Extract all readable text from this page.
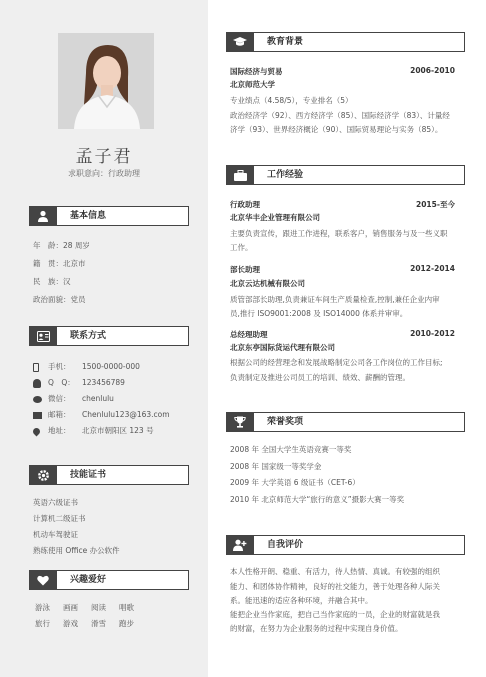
孟子君
求职意向：行政助理
基本信息
年　龄：28 周岁
籍　贯：北京市
民　族：汉
政治面貌：党员
联系方式
手机： 1500-0000-000
Q　Q： 123456789
微信： chenlulu
邮箱： Chenlulu123@163.com
地址： 北京市朝阳区 123 号
技能证书
英语六级证书
计算机二级证书
机动车驾驶证
熟练使用 Office 办公软件
兴趣爱好
游泳 画画 阅读 唱歌
旅行 游戏 滑雪 跑步
教育背景
国际经济与贸易	2006-2010
北京师范大学
专业绩点（4.58/5），专业排名（5）
政治经济学（92）、西方经济学（85）、国际经济学（83）、计量经
济学（93）、世界经济概论（90）、国际贸易理论与实务（85）。
工作经验
行政助理	2015-至今
北京华丰企业管理有限公司
主要负责宣传，跟进工作进程，联系客户，销售服务与及一些义职
工作。
部长助理	2012-2014
北京云达机械有限公司
质管部部长助理,负责兼证车间生产质量检查,控制,兼任企业内审
员,推行 ISO9001:2008 及 ISO14000 体系并审审。
总经理助理	2010-2012
北京东亭国际货运代理有限公司
根据公司的经营理念和发展战略制定公司各工作岗位的工作目标;
负责制定及推进公司员工的培训、绩效、薪酬的管理。
荣誉奖项
2008 年 全国大学生英语竞赛一等奖
2008 年 国家级一等奖学金
2009 年 大学英语 6 级证书（CET-6）
2010 年 北京师范大学“旅行的意义”摄影大赛一等奖
自我评价
本人性格开朗、稳重、有活力，待人热情、真诚。有较强的组织
能力、和团体协作精神，良好的社交能力，善于处理各种人际关
系。能迅速的适应各种环境，并融合其中。
能把企业当作家庭，把自己当作家庭的一员，企业的财富就是我
的财富，在努力为企业服务的过程中实现自身价值。
